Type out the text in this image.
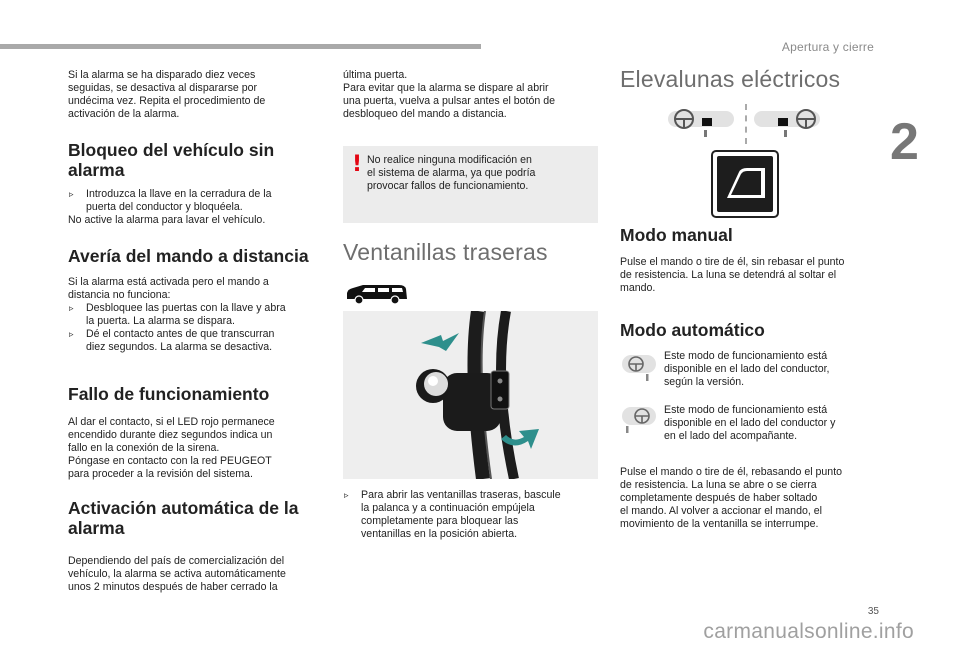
Apertura y cierre
2
35
carmanualsonline.info
Si la alarma se ha disparado diez veces
seguidas, se desactiva al dispararse por
undécima vez. Repita el procedimiento de
activación de la alarma.
Bloqueo del vehículo sin
alarma
▹ Introduzca la llave en la cerradura de la
puerta del conductor y bloquéela.
No active la alarma para lavar el vehículo.
Avería del mando a distancia
Si la alarma está activada pero el mando a
distancia no funciona:
▹ Desbloquee las puertas con la llave y abra
la puerta. La alarma se dispara.
▹ Dé el contacto antes de que transcurran
diez segundos. La alarma se desactiva.
Fallo de funcionamiento
Al dar el contacto, si el LED rojo permanece
encendido durante diez segundos indica un
fallo en la conexión de la sirena.
Póngase en contacto con la red PEUGEOT
para proceder a la revisión del sistema.
Activación automática de la
alarma
Dependiendo del país de comercialización del
vehículo, la alarma se activa automáticamente
unos 2 minutos después de haber cerrado la
última puerta.
Para evitar que la alarma se dispare al abrir
una puerta, vuelva a pulsar antes el botón de
desbloqueo del mando a distancia.
! No realice ninguna modificación en
el sistema de alarma, ya que podría
provocar fallos de funcionamiento.
Ventanillas traseras
▹ Para abrir las ventanillas traseras, bascule
la palanca y a continuación empújela
completamente para bloquear las
ventanillas en la posición abierta.
Elevalunas eléctricos
Modo manual
Pulse el mando o tire de él, sin rebasar el punto
de resistencia. La luna se detendrá al soltar el
mando.
Modo automático
Este modo de funcionamiento está
disponible en el lado del conductor,
según la versión.
Este modo de funcionamiento está
disponible en el lado del conductor y
en el lado del acompañante.
Pulse el mando o tire de él, rebasando el punto
de resistencia. La luna se abre o se cierra
completamente después de haber soltado
el mando. Al volver a accionar el mando, el
movimiento de la ventanilla se interrumpe.
